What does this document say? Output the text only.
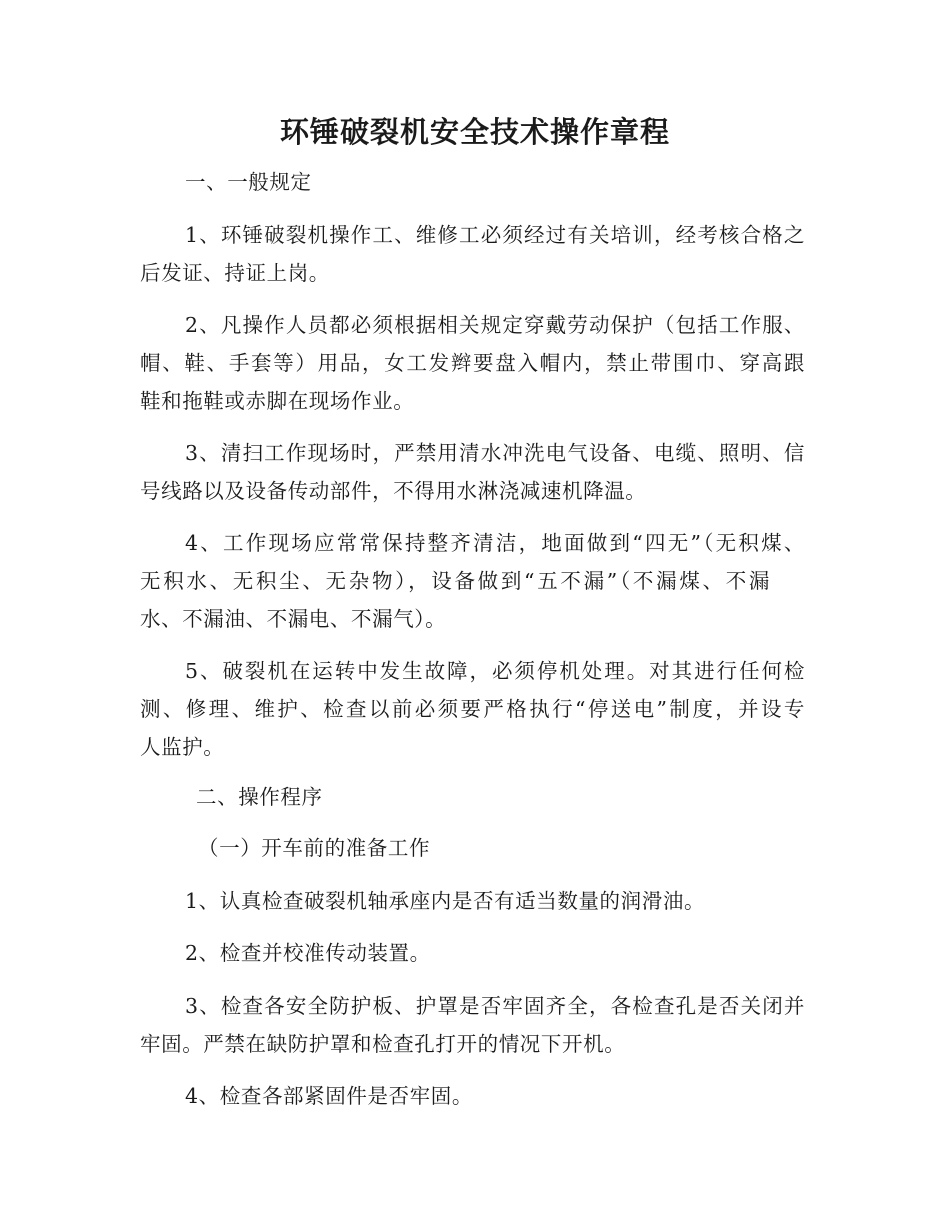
环锤破裂机安全技术操作章程
一、一般规定
1、环锤破裂机操作工、维修工必须经过有关培训，经考核合格之
后发证、持证上岗。
2、凡操作人员都必须根据相关规定穿戴劳动保护（包括工作服、
帽、鞋、手套等）用品，女工发辫要盘入帽内，禁止带围巾、穿高跟
鞋和拖鞋或赤脚在现场作业。
3、清扫工作现场时，严禁用清水冲洗电气设备、电缆、照明、信
号线路以及设备传动部件，不得用水淋浇减速机降温。
4、工作现场应常常保持整齐清洁，地面做到“四无”（无积煤、
无积水、无积尘、无杂物），设备做到“五不漏”（不漏煤、不漏
水、不漏油、不漏电、不漏气）。
5、破裂机在运转中发生故障，必须停机处理。对其进行任何检
测、修理、维护、检查以前必须要严格执行“停送电”制度，并设专
人监护。
二、操作程序
（一）开车前的准备工作
1、认真检查破裂机轴承座内是否有适当数量的润滑油。
2、检查并校准传动装置。
3、检查各安全防护板、护罩是否牢固齐全，各检查孔是否关闭并
牢固。严禁在缺防护罩和检查孔打开的情况下开机。
4、检查各部紧固件是否牢固。
